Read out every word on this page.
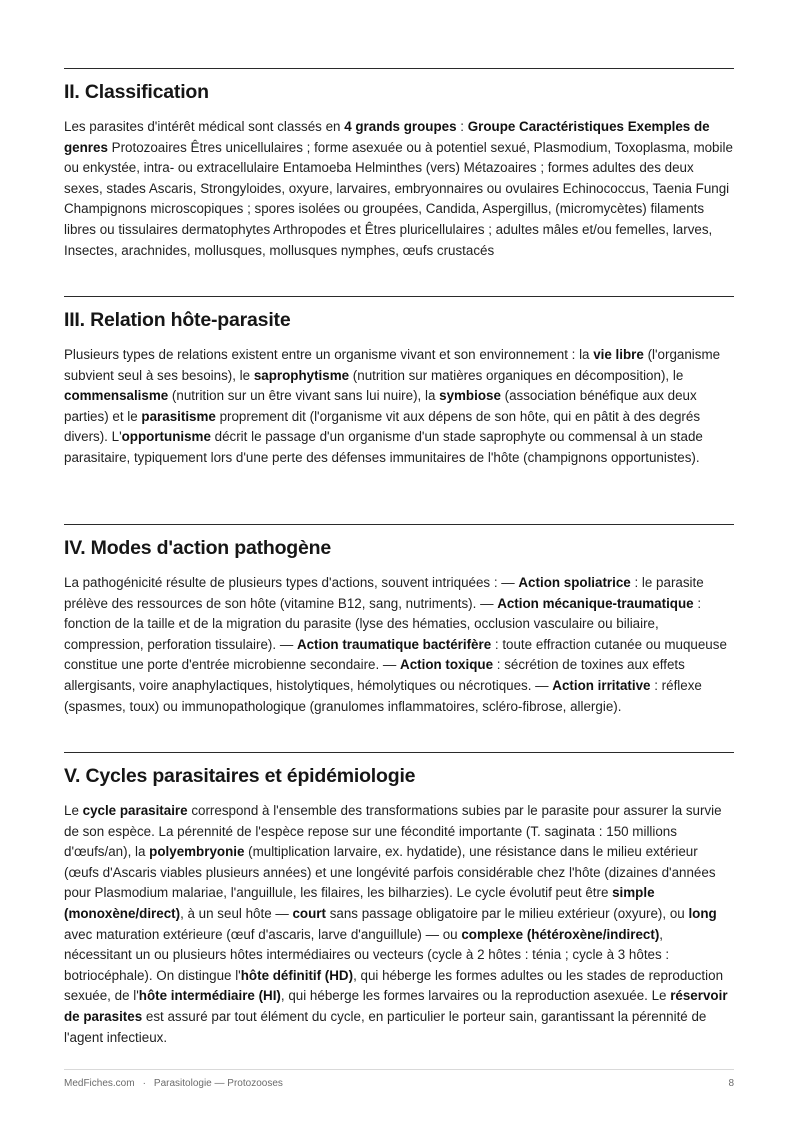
II. Classification
Les parasites d'intérêt médical sont classés en 4 grands groupes : Groupe Caractéristiques Exemples de genres Protozoaires Êtres unicellulaires ; forme asexuée ou à potentiel sexué, Plasmodium, Toxoplasma, mobile ou enkystée, intra- ou extracellulaire Entamoeba Helminthes (vers) Métazoaires ; formes adultes des deux sexes, stades Ascaris, Strongyloides, oxyure, larvaires, embryonnaires ou ovulaires Echinococcus, Taenia Fungi Champignons microscopiques ; spores isolées ou groupées, Candida, Aspergillus, (micromycètes) filaments libres ou tissulaires dermatophytes Arthropodes et Êtres pluricellulaires ; adultes mâles et/ou femelles, larves, Insectes, arachnides, mollusques, mollusques nymphes, œufs crustacés
III. Relation hôte-parasite
Plusieurs types de relations existent entre un organisme vivant et son environnement : la vie libre (l'organisme subvient seul à ses besoins), le saprophytisme (nutrition sur matières organiques en décomposition), le commensalisme (nutrition sur un être vivant sans lui nuire), la symbiose (association bénéfique aux deux parties) et le parasitisme proprement dit (l'organisme vit aux dépens de son hôte, qui en pâtit à des degrés divers). L'opportunisme décrit le passage d'un organisme d'un stade saprophyte ou commensal à un stade parasitaire, typiquement lors d'une perte des défenses immunitaires de l'hôte (champignons opportunistes).
IV. Modes d'action pathogène
La pathogénicité résulte de plusieurs types d'actions, souvent intriquées : — Action spoliatrice : le parasite prélève des ressources de son hôte (vitamine B12, sang, nutriments). — Action mécanique-traumatique : fonction de la taille et de la migration du parasite (lyse des hématies, occlusion vasculaire ou biliaire, compression, perforation tissulaire). — Action traumatique bactérifère : toute effraction cutanée ou muqueuse constitue une porte d'entrée microbienne secondaire. — Action toxique : sécrétion de toxines aux effets allergisants, voire anaphylactiques, histolytiques, hémolytiques ou nécrotiques. — Action irritative : réflexe (spasmes, toux) ou immunopathologique (granulomes inflammatoires, scléro-fibrose, allergie).
V. Cycles parasitaires et épidémiologie
Le cycle parasitaire correspond à l'ensemble des transformations subies par le parasite pour assurer la survie de son espèce. La pérennité de l'espèce repose sur une fécondité importante (T. saginata : 150 millions d'œufs/an), la polyembryonie (multiplication larvaire, ex. hydatide), une résistance dans le milieu extérieur (œufs d'Ascaris viables plusieurs années) et une longévité parfois considérable chez l'hôte (dizaines d'années pour Plasmodium malariae, l'anguillule, les filaires, les bilharzies). Le cycle évolutif peut être simple (monoxène/direct), à un seul hôte — court sans passage obligatoire par le milieu extérieur (oxyure), ou long avec maturation extérieure (œuf d'ascaris, larve d'anguillule) — ou complexe (hétéroxène/indirect), nécessitant un ou plusieurs hôtes intermédiaires ou vecteurs (cycle à 2 hôtes : ténia ; cycle à 3 hôtes : botriocéphale). On distingue l'hôte définitif (HD), qui héberge les formes adultes ou les stades de reproduction sexuée, de l'hôte intermédiaire (HI), qui héberge les formes larvaires ou la reproduction asexuée. Le réservoir de parasites est assuré par tout élément du cycle, en particulier le porteur sain, garantissant la pérennité de l'agent infectieux.
MedFiches.com · Parasitologie — Protozooses	8
